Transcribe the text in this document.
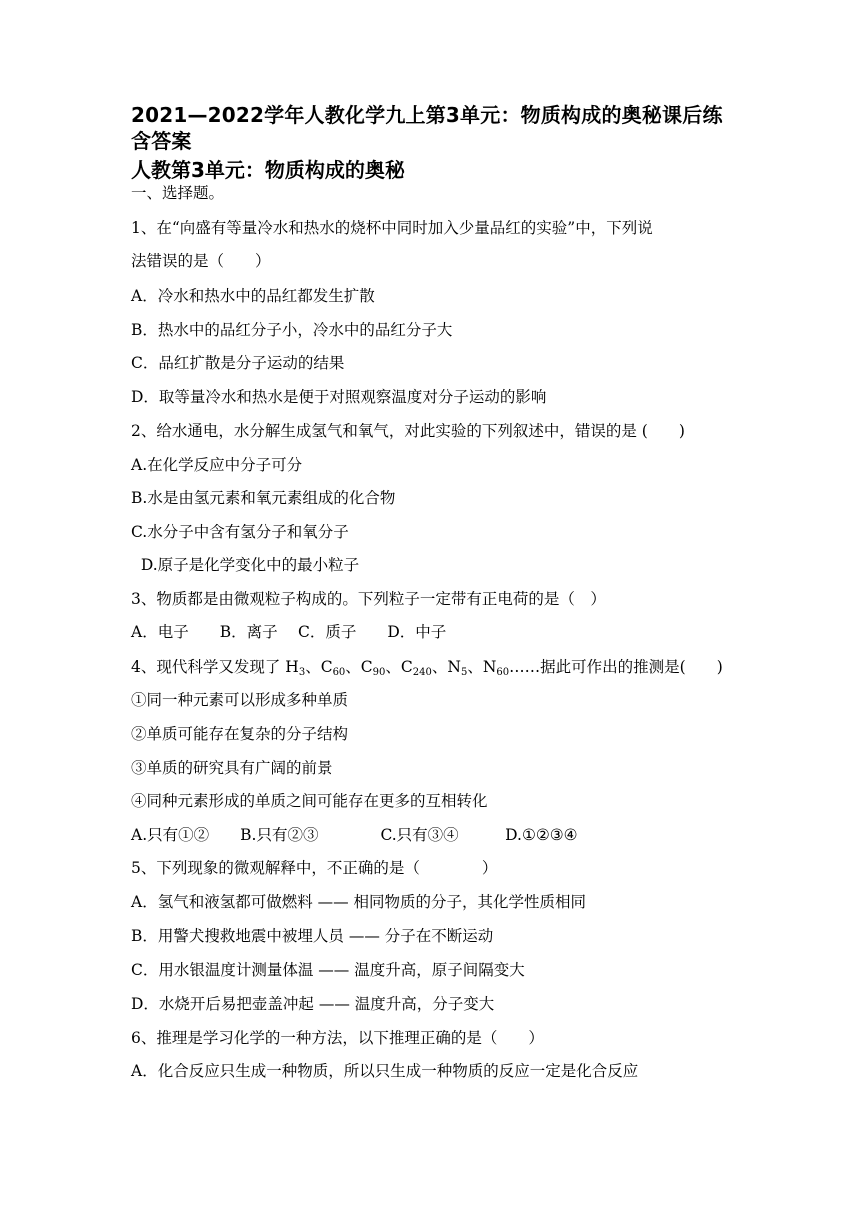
2021—2022学年人教化学九上第3单元：物质构成的奥秘课后练含答案
人教第3单元：物质构成的奥秘
一、选择题。
1、在“向盛有等量冷水和热水的烧杯中同时加入少量品红的实验”中，下列说
法错误的是（　　）
A．冷水和热水中的品红都发生扩散
B．热水中的品红分子小，冷水中的品红分子大
C．品红扩散是分子运动的结果
D．取等量冷水和热水是便于对照观察温度对分子运动的影响
2、给水通电，水分解生成氢气和氧气，对此实验的下列叙述中，错误的是 (　　)
A.在化学反应中分子可分
B.水是由氢元素和氧元素组成的化合物
C.水分子中含有氢分子和氧分子
D.原子是化学变化中的最小粒子
3、物质都是由微观粒子构成的。下列粒子一定带有正电荷的是（　）
A．电子　　B．离子　 C．质子　　D．中子
4、现代科学又发现了 $H_3$、$C_{60}$、$C_{90}$、$C_{240}$、$N_5$、$N_{60}\dots\dots$据此可作出的推测是(　　)
①同一种元素可以形成多种单质
②单质可能存在复杂的分子结构
③单质的研究具有广阔的前景
④同种元素形成的单质之间可能存在更多的互相转化
A.只有①②　　B.只有②③　　　　C.只有③④　　　D.①②③④
5、下列现象的微观解释中，不正确的是（　　　　）
A．氢气和液氢都可做燃料 —— 相同物质的分子，其化学性质相同
B．用警犬搜救地震中被埋人员 —— 分子在不断运动
C．用水银温度计测量体温 —— 温度升高，原子间隔变大
D．水烧开后易把壶盖冲起 —— 温度升高，分子变大
6、推理是学习化学的一种方法，以下推理正确的是（　　）
A．化合反应只生成一种物质，所以只生成一种物质的反应一定是化合反应
